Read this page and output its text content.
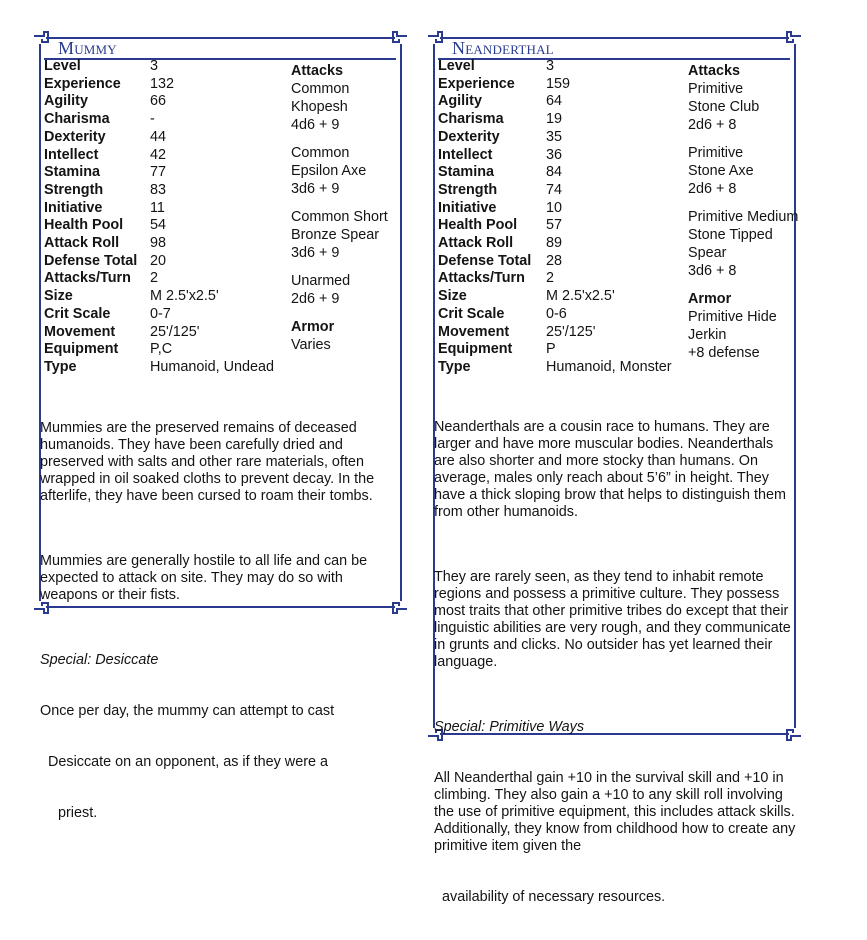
Mummy
Level	3
Experience 132
Agility	66
Charisma	-
Dexterity	44
Intellect	42
Stamina	77
Strength	83
Initiative	11
Health Pool 54
Attack Roll 98
Defense Total 20
Attacks/Turn 2
Size	M 2.5'x2.5'
Crit Scale	0-7
Movement 25'/125'
Equipment P,C
Type	Humanoid, Undead
Attacks
Common
Khopesh
4d6 + 9
Common
Epsilon Axe
3d6 + 9
Common Short
Bronze Spear
3d6 + 9
Unarmed
2d6 + 9
Armor
Varies

Mummies are the preserved remains of deceased humanoids. They have been carefully dried and preserved with salts and other rare materials, often wrapped in oil soaked cloths to prevent decay. In the afterlife, they have been cursed to roam their tombs.

Mummies are generally hostile to all life and can be expected to attack on site. They may do so with weapons or their fists.

Special: Desiccate

Once per day, the mummy can attempt to cast

Desiccate on an opponent, as if they were a

priest.

Neanderthal
Level	3
Experience 159
Agility	64
Charisma	19
Dexterity	35
Intellect	36
Stamina	84
Strength	74
Initiative	10
Health Pool 57
Attack Roll 89
Defense Total 28
Attacks/Turn 2
Size	M 2.5'x2.5'
Crit Scale	0-6
Movement	25'/125'
Equipment P
Type	Humanoid, Monster
Attacks
Primitive
Stone Club
2d6 + 8
Primitive
Stone Axe
2d6 + 8
Primitive Medium
Stone Tipped
Spear
3d6 + 8
Armor
Primitive Hide
Jerkin
+8 defense

Neanderthals are a cousin race to humans. They are larger and have more muscular bodies. Neanderthals are also shorter and more stocky than humans. On average, males only reach about 5’6” in height. They have a thick sloping brow that helps to distinguish them from other humanoids.

They are rarely seen, as they tend to inhabit remote regions and possess a primitive culture. They possess most traits that other primitive tribes do except that their linguistic abilities are very rough, and they communicate in grunts and clicks. No outsider has yet learned their language.

Special: Primitive Ways

All Neanderthal gain +10 in the survival skill and +10 in climbing. They also gain a +10 to any skill roll involving the use of primitive equipment, this includes attack skills.  Additionally, they know from childhood how to create any primitive item given the

availability of necessary resources.
